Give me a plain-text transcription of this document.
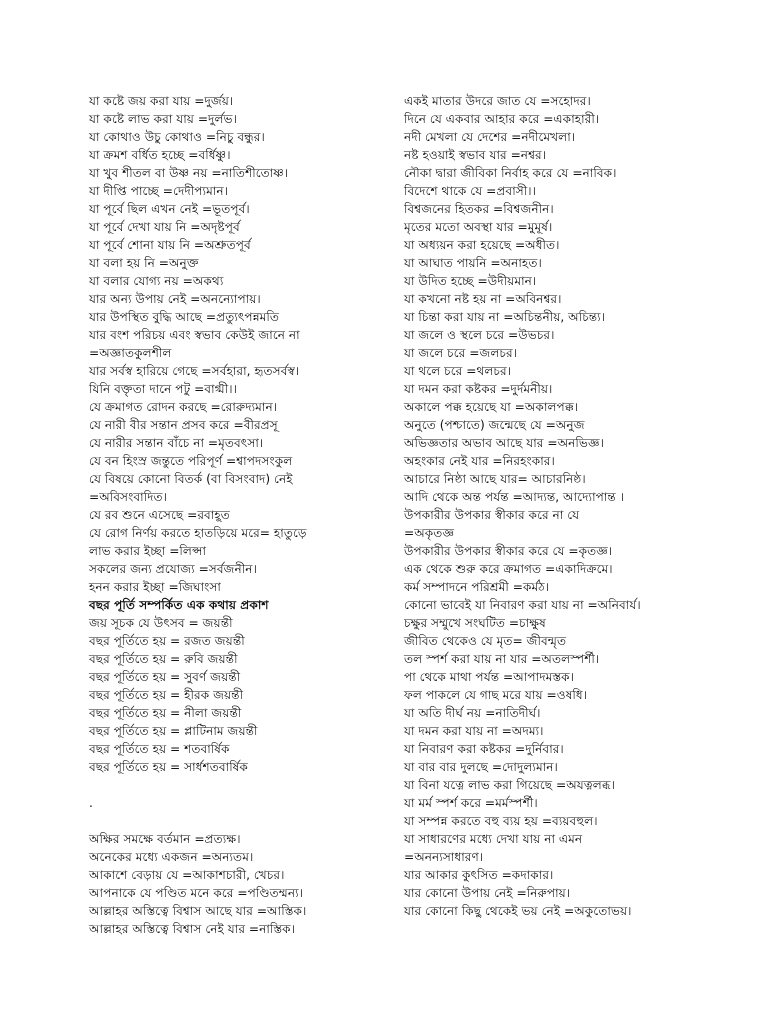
যা কষ্টে জয় করা যায় =দুর্জয়।
যা কষ্টে লাভ করা যায় =দুর্লভ।
যা কোথাও উচু কোথাও =নিচু বন্ধুর।
যা ক্রমশ বর্ধিত হচ্ছে =বর্ধিষ্ণু।
যা খুব শীতল বা উষ্ণ নয় =নাতিশীতোষ্ণ।
যা দীপ্তি পাচ্ছে =দেদীপ্যমান।
যা পূর্বে ছিল এখন নেই =ভূতপূর্ব।
যা পূর্বে দেখা যায় নি =অদৃষ্টপূর্ব
যা পূর্বে শোনা যায় নি =অশ্রুতপূর্ব
যা বলা হয় নি =অনুক্ত
যা বলার যোগ্য নয় =অকথ্য
যার অন্য উপায় নেই =অনন্যোপায়।
যার উপস্থিত বুদ্ধি আছে =প্রত্যুৎপন্নমতি
যার বংশ পরিচয় এবং স্বভাব কেউই জানে না
=অজ্ঞাতকুলশীল
যার সর্বস্ব হারিয়ে গেছে =সর্বহারা, হৃতসর্বস্ব।
যিনি বক্তৃতা দানে পটু =বাগ্মী।।
যে ক্রমাগত রোদন করছে =রোরুদ্যমান।
যে নারী বীর সন্তান প্রসব করে =বীরপ্রসূ
যে নারীর সন্তান বাঁচে না =মৃতবৎসা।
যে বন হিংস্র জন্তুতে পরিপূর্ণ =শ্বাপদসংকুল
যে বিষয়ে কোনো বিতর্ক (বা বিসংবাদ) নেই
=অবিসংবাদিত।
যে রব শুনে এসেছে =রবাহূত
যে রোগ নির্ণয় করতে হাতড়িয়ে মরে= হাতুড়ে
লাভ করার ইচ্ছা =লিপ্সা
সকলের জন্য প্রযোজ্য =সর্বজনীন।
হনন করার ইচ্ছা =জিঘাংসা
বছর পূর্তি সম্পর্কিত এক কথায় প্রকাশ
জয় সূচক যে উৎসব = জয়ন্তী
বছর পূর্তিতে হয় = রজত জয়ন্তী
বছর পূর্তিতে হয় = রুবি জয়ন্তী
বছর পূর্তিতে হয় = সুবর্ণ জয়ন্তী
বছর পূর্তিতে হয় = হীরক জয়ন্তী
বছর পূর্তিতে হয় = নীলা জয়ন্তী
বছর পূর্তিতে হয় = প্লাটিনাম জয়ন্তী
বছর পূর্তিতে হয় = শতবার্ষিক
বছর পূর্তিতে হয় = সার্ধশতবার্ষিক
.
অক্ষির সমক্ষে বর্তমান =প্রত্যক্ষ।
অনেকের মধ্যে একজন =অন্যতম।
আকাশে বেড়ায় যে =আকাশচারী, খেচর।
আপনাকে যে পণ্ডিত মনে করে =পণ্ডিতম্মন্য।
আল্লাহর অস্তিত্বে বিশ্বাস আছে যার =আস্তিক।
আল্লাহর অস্তিত্বে বিশ্বাস নেই যার =নাস্তিক।
একই মাতার উদরে জাত যে =সহোদর।
দিনে যে একবার আহার করে =একাহারী।
নদী মেখলা যে দেশের =নদীমেখলা।
নষ্ট হওয়াই স্বভাব যার =নশ্বর।
নৌকা দ্বারা জীবিকা নির্বাহ করে যে =নাবিক।
বিদেশে থাকে যে =প্রবাসী।।
বিশ্বজনের হিতকর =বিশ্বজনীন।
মৃতের মতো অবস্থা যার =মুমূর্ষ।
যা অধ্যয়ন করা হয়েছে =অধীত।
যা আঘাত পায়নি =অনাহত।
যা উদিত হচ্ছে =উদীয়মান।
যা কখনো নষ্ট হয় না =অবিনশ্বর।
যা চিন্তা করা যায় না =অচিন্তনীয়, অচিন্ত্য।
যা জলে ও স্থলে চরে =উভচর।
যা জলে চরে =জলচর।
যা থলে চরে =থলচর।
যা দমন করা কষ্টকর =দুর্দমনীয়।
অকালে পক্ক হয়েছে যা =অকালপক্ক।
অনুতে (পশ্চাতে) জন্মেছে যে =অনুজ
অভিজ্ঞতার অভাব আছে যার =অনভিজ্ঞ।
অহংকার নেই যার =নিরহংকার।
আচারে নিষ্ঠা আছে যার= আচারনিষ্ঠ।
আদি থেকে অন্ত পর্যন্ত =আদ্যন্ত, আদ্যোপান্ত ।
উপকারীর উপকার স্বীকার করে না যে
=অকৃতজ্ঞ
উপকারীর উপকার স্বীকার করে যে =কৃতজ্ঞ।
এক থেকে শুরু করে ক্রমাগত =একাদিক্রমে।
কর্ম সম্পাদনে পরিশ্রমী =কর্মঠ।
কোনো ভাবেই যা নিবারণ করা যায় না =অনিবার্য।
চক্ষুর সম্মুখে সংঘটিত =চাক্ষুষ
জীবিত থেকেও যে মৃত= জীবন্মৃত
তল স্পর্শ করা যায় না যার =অতলস্পর্শী।
পা থেকে মাথা পর্যন্ত =আপাদমস্তক।
ফল পাকলে যে গাছ মরে যায় =ওষধি।
যা অতি দীর্ঘ নয় =নাতিদীর্ঘ।
যা দমন করা যায় না =অদম্য।
যা নিবারণ করা কষ্টকর =দুর্নিবার।
যা বার বার দুলছে =দোদুল্যমান।
যা বিনা যত্নে লাভ করা গিয়েছে =অযত্নলব্ধ।
যা মর্ম স্পর্শ করে =মর্মস্পর্শী।
যা সম্পন্ন করতে বহু ব্যয় হয় =ব্যয়বহুল।
যা সাধারণের মধ্যে দেখা যায় না এমন
=অনন্যসাধারণ।
যার আকার কুৎসিত =কদাকার।
যার কোনো উপায় নেই =নিরুপায়।
যার কোনো কিছু থেকেই ভয় নেই =অকুতোভয়।
